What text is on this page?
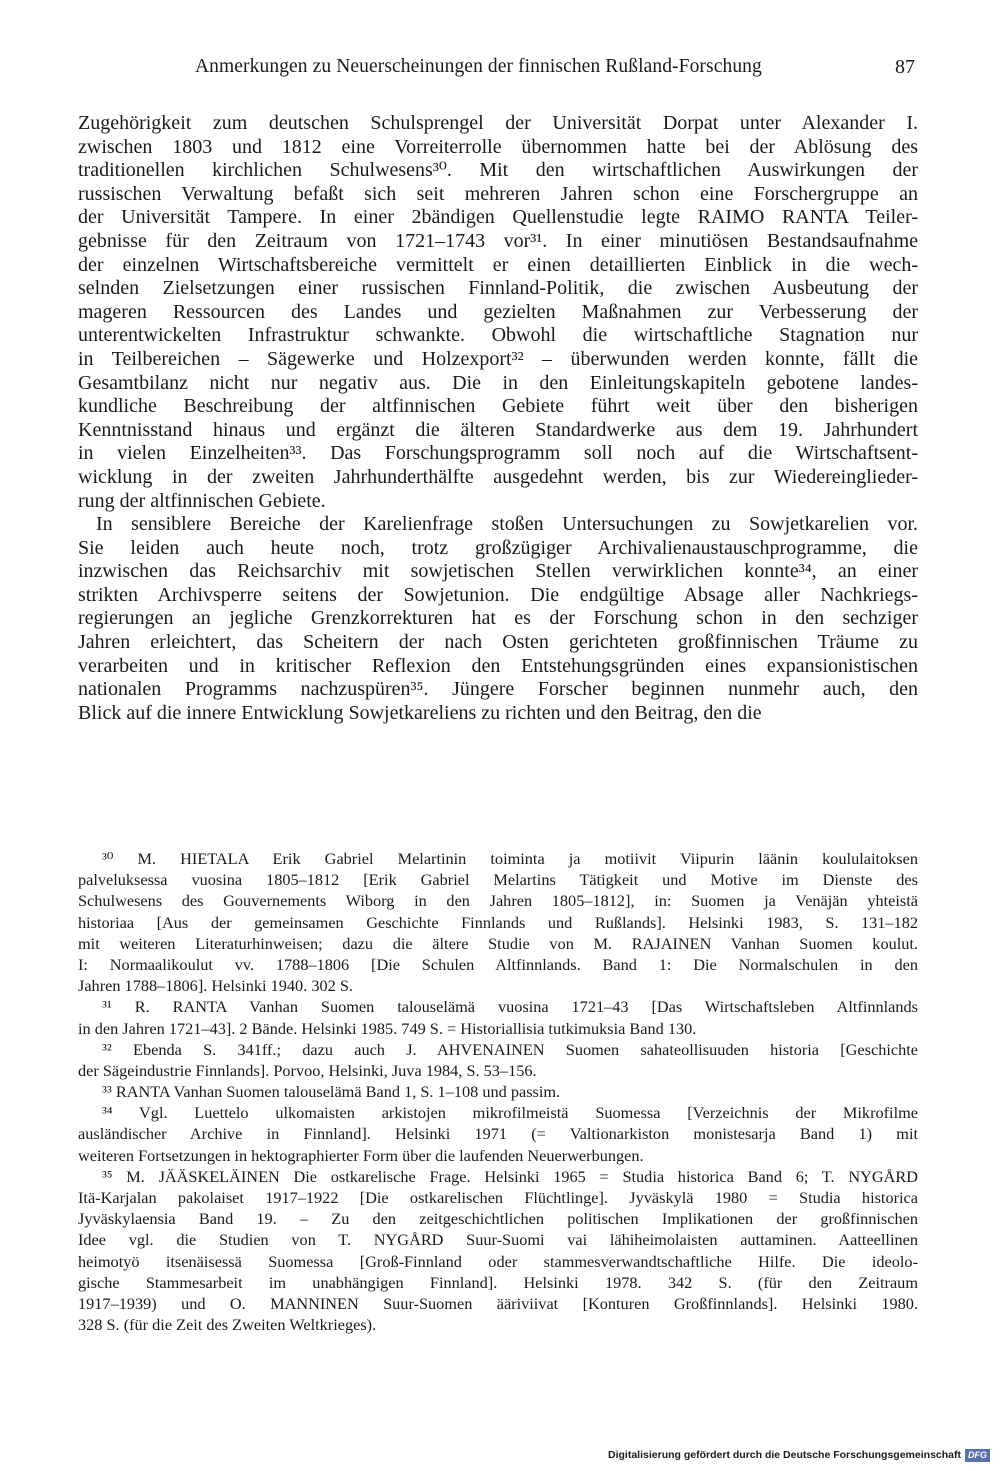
Anmerkungen zu Neuerscheinungen der finnischen Rußland-Forschung	87
Zugehörigkeit zum deutschen Schulsprengel der Universität Dorpat unter Alexander I.
zwischen 1803 und 1812 eine Vorreiterrolle übernommen hatte bei der Ablösung des
traditionellen kirchlichen Schulwesens³⁰. Mit den wirtschaftlichen Auswirkungen der
russischen Verwaltung befaßt sich seit mehreren Jahren schon eine Forschergruppe an
der Universität Tampere. In einer 2bändigen Quellenstudie legte RAIMO RANTA Teiler-
gebnisse für den Zeitraum von 1721–1743 vor³¹. In einer minutiösen Bestandsaufnahme
der einzelnen Wirtschaftsbereiche vermittelt er einen detaillierten Einblick in die wech-
selnden Zielsetzungen einer russischen Finnland-Politik, die zwischen Ausbeutung der
mageren Ressourcen des Landes und gezielten Maßnahmen zur Verbesserung der
unterentwickelten Infrastruktur schwankte. Obwohl die wirtschaftliche Stagnation nur
in Teilbereichen – Sägewerke und Holzexport³² – überwunden werden konnte, fällt die
Gesamtbilanz nicht nur negativ aus. Die in den Einleitungskapiteln gebotene landes-
kundliche Beschreibung der altfinnischen Gebiete führt weit über den bisherigen
Kenntnisstand hinaus und ergänzt die älteren Standardwerke aus dem 19. Jahrhundert
in vielen Einzelheiten³³. Das Forschungsprogramm soll noch auf die Wirtschaftsent-
wicklung in der zweiten Jahrhunderthälfte ausgedehnt werden, bis zur Wiedereinglieder-
rung der altfinnischen Gebiete.
In sensiblere Bereiche der Karelienfrage stoßen Untersuchungen zu Sowjetkarelien vor.
Sie leiden auch heute noch, trotz großzügiger Archivalienaustauschprogramme, die
inzwischen das Reichsarchiv mit sowjetischen Stellen verwirklichen konnte³⁴, an einer
strikten Archivsperre seitens der Sowjetunion. Die endgültige Absage aller Nachkriegs-
regierungen an jegliche Grenzkorrekturen hat es der Forschung schon in den sechziger
Jahren erleichtert, das Scheitern der nach Osten gerichteten großfinnischen Träume zu
verarbeiten und in kritischer Reflexion den Entstehungsgründen eines expansionistischen
nationalen Programms nachzuspüren³⁵. Jüngere Forscher beginnen nunmehr auch, den
Blick auf die innere Entwicklung Sowjetkareliens zu richten und den Beitrag, den die
³⁰ M. HIETALA Erik Gabriel Melartinin toiminta ja motiivit Viipurin läänin koululaitoksen
palveluksessa vuosina 1805–1812 [Erik Gabriel Melartins Tätigkeit und Motive im Dienste des
Schulwesens des Gouvernements Wiborg in den Jahren 1805–1812], in: Suomen ja Venäjän yhteistä
historiaa [Aus der gemeinsamen Geschichte Finnlands und Rußlands]. Helsinki 1983, S. 131–182
mit weiteren Literaturhinweisen; dazu die ältere Studie von M. RAJAINEN Vanhan Suomen koulut.
I: Normaalikoulut vv. 1788–1806 [Die Schulen Altfinnlands. Band 1: Die Normalschulen in den
Jahren 1788–1806]. Helsinki 1940. 302 S.
³¹ R. RANTA Vanhan Suomen talouselämä vuosina 1721–43 [Das Wirtschaftsleben Altfinnlands
in den Jahren 1721–43]. 2 Bände. Helsinki 1985. 749 S. = Historiallisia tutkimuksia Band 130.
³² Ebenda S. 341ff.; dazu auch J. AHVENAINEN Suomen sahateollisuuden historia [Geschichte
der Sägeindustrie Finnlands]. Porvoo, Helsinki, Juva 1984, S. 53–156.
³³ RANTA Vanhan Suomen talouselämä Band 1, S. 1–108 und passim.
³⁴ Vgl. Luettelo ulkomaisten arkistojen mikrofilmeistä Suomessa [Verzeichnis der Mikrofilme
ausländischer Archive in Finnland]. Helsinki 1971 (= Valtionarkiston monistesarja Band 1) mit
weiteren Fortsetzungen in hektographierter Form über die laufenden Neuerwerbungen.
³⁵ M. JÄÄSKELÄINEN Die ostkarelische Frage. Helsinki 1965 = Studia historica Band 6; T. NYGÅRD
Itä-Karjalan pakolaiset 1917–1922 [Die ostkarelischen Flüchtlinge]. Jyväskylä 1980 = Studia historica
Jyväskylaensia Band 19. – Zu den zeitgeschichtlichen politischen Implikationen der großfinnischen
Idee vgl. die Studien von T. NYGÅRD Suur-Suomi vai lähiheimolaisten auttaminen. Aatteellinen
heimotyö itsenäisessä Suomessa [Groß-Finnland oder stammesverwandtschaftliche Hilfe. Die ideolo-
gische Stammesarbeit im unabhängigen Finnland]. Helsinki 1978. 342 S. (für den Zeitraum
1917–1939) und O. MANNINEN Suur-Suomen ääriviivat [Konturen Großfinnlands]. Helsinki 1980.
328 S. (für die Zeit des Zweiten Weltkrieges).
Digitalisierung gefördert durch die Deutsche Forschungsgemeinschaft DFG
